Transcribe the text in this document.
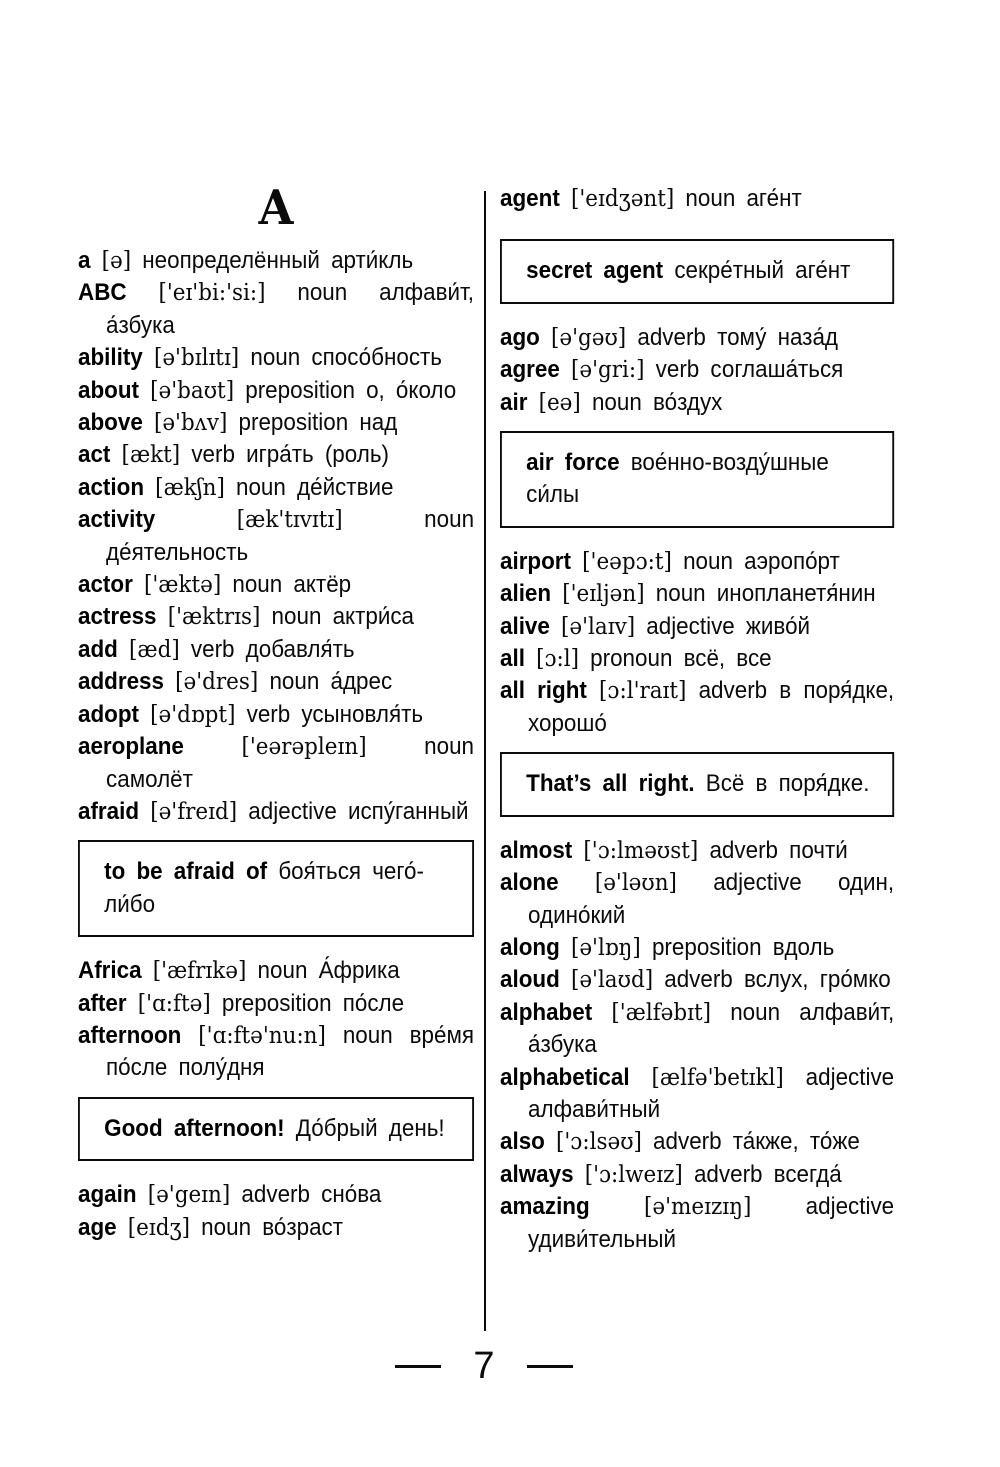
A

a [ə] неопределённый арти́кль

ABC ['eɪ'bi:'si:] noun алфави́т, а́збука

ability [ə'bɪlɪtɪ] noun спосо́бность

about [ə'baʊt] preposition о, о́коло

above [ə'bʌv] preposition над

act [ækt] verb игра́ть (роль)

action [ækʃn] noun де́йствие

activity	[æk'tɪvɪtɪ]	noun де́ятельность

actor ['æktə] noun актёр

actress ['æktrɪs] noun актри́са

add [æd] verb добавля́ть

address [ə'dres] noun а́дрес

adopt [ə'dɒpt] verb усыновля́ть

aeroplane	['eərəpleɪn] noun самолёт

afraid [ə'freɪd] adjective испу́ганный

to be afraid of боя́ться чего́-ли́бо

Africa ['æfrɪkə] noun А́фрика

after ['ɑ:ftə] preposition по́сле

afternoon ['ɑ:ftə'nu:n] noun вре́мя по́сле полу́дня

Good afternoon! До́брый день!

again [ə'geɪn] adverb сно́ва

age [eɪdʒ] noun во́зраст

agent ['eɪdʒənt] noun аге́нт

secret agent секре́тный аге́нт

ago [ə'gəʊ] adverb тому́ наза́д

agree [ə'gri:] verb соглаша́ться

air [eə] noun во́здух

air force вое́нно-возду́шные си́лы

airport ['eəpɔ:t] noun аэропо́рт

alien ['eɪljən] noun инопланетя́нин

alive [ə'laɪv] adjective живо́й

all [ɔ:l] pronoun всё, все

all right [ɔ:l'raɪt] adverb в поря́дке, хорошо́

That’s all right. Всё в поря́дке.

almost ['ɔ:lməʊst] adverb почти́

alone [ə'ləʊn] adjective один, одино́кий

along [ə'lɒŋ] preposition вдоль

aloud [ə'laʊd] adverb вслух, гро́мко

alphabet ['ælfəbɪt] noun алфави́т, а́збука

alphabetical [ælfə'betɪkl] adjective алфави́тный

also ['ɔ:lsəʊ] adverb та́кже, то́же

always ['ɔ:lweɪz] adverb всегда́

amazing [ə'meɪzɪŋ] adjective удиви́тельный

7
